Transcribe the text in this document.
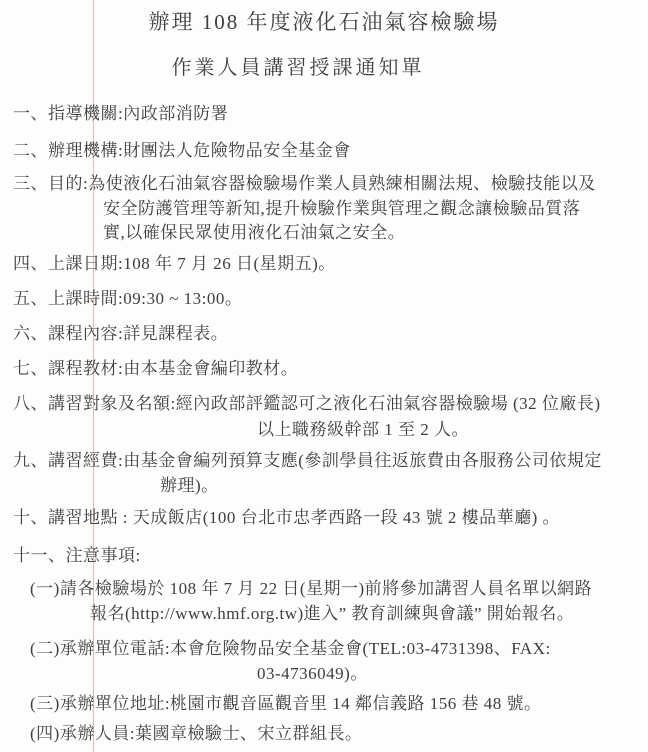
辦理 108 年度液化石油氣容檢驗場
作業人員講習授課通知單
一、指導機關:內政部消防署
二、辦理機構:財團法人危險物品安全基金會
三、目的:為使液化石油氣容器檢驗場作業人員熟練相關法規、檢驗技能以及
安全防護管理等新知,提升檢驗作業與管理之觀念讓檢驗品質落
實,以確保民眾使用液化石油氣之安全。
四、上課日期:108 年 7 月 26 日(星期五)。
五、上課時間:09:30 ~ 13:00。
六、課程內容:詳見課程表。
七、課程教材:由本基金會編印教材。
八、講習對象及名額:經內政部評鑑認可之液化石油氣容器檢驗場 (32 位廠長)
以上職務級幹部 1 至 2 人。
九、講習經費:由基金會編列預算支應(參訓學員往返旅費由各服務公司依規定
辦理)。
十、講習地點 : 天成飯店(100 台北市忠孝西路一段 43 號 2 樓品華廳) 。
十一、注意事項:
(一)請各檢驗場於 108 年 7 月 22 日(星期一)前將參加講習人員名單以網路
報名(http://www.hmf.org.tw)進入” 教育訓練與會議” 開始報名。
(二)承辦單位電話:本會危險物品安全基金會(TEL:03-4731398、FAX:
03-4736049)。
(三)承辦單位地址:桃園市觀音區觀音里 14 鄰信義路 156 巷 48 號。
(四)承辦人員:葉國章檢驗士、宋立群組長。
